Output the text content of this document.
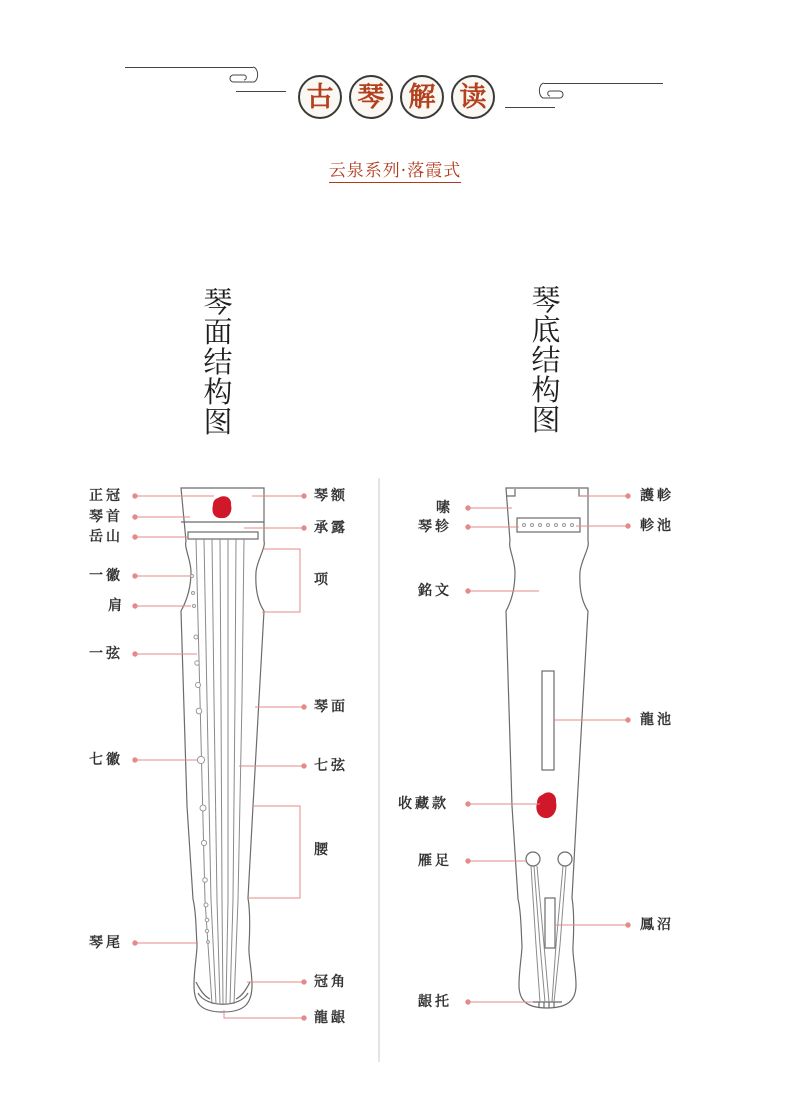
古 琴 解 读
云泉系列·落霞式
琴
面
结
构
图
琴
底
结
构
图
正冠
琴首
岳山
一徽
肩
一弦
七徽
琴尾
琴额
承露
项
琴面
七弦
腰
冠角
龍龈
嗉
琴轸
銘文
收藏款
雁足
龈托
護軫
軫池
龍池
鳳沼
